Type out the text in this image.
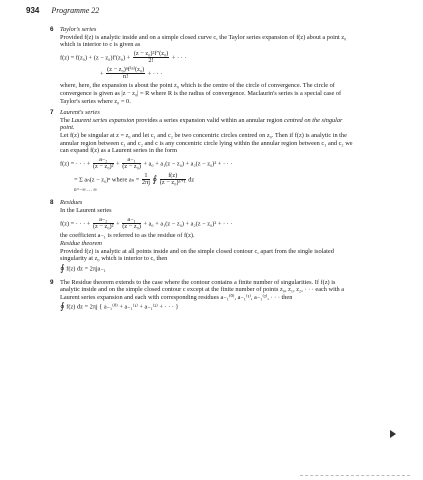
934 Programme 22
6 Taylor's series

Provided f(z) is analytic inside and on a simple closed curve c, the Taylor series expansion of f(z) about a point z₀ which is interior to c is given as

$f(z) = f(z_0) + (z - z_0)f'(z_0) + \frac{\text{(z − z₀)²f″(z₀)}}{2!}$ + · · ·
+ $\frac{\text{(z − z₀)ⁿf⁽ⁿ⁾(z₀)}}{n!}$ + · · ·

where, here, the expansion is about the point z₀ which is the centre of the circle of convergence. The circle of convergence is given as |z − z₀| = R where R is the radius of convergence. Maclaurin's series is a special case of Taylor's series where z₀ = 0.

7 Laurent's series

The Laurent series expansion provides a series expansion valid within an annular region centred on the singular point.

Let f(z) be singular at z = z₀ and let c₁ and c₂ be two concentric circles centred on z₀. Then if f(z) is analytic in the annular region between c₁ and c₂ and c is any concentric circle lying within the annular region between c₁ and c₂ we can expand f(z) as a Laurent series in the form

f(z) = · · · + $\frac{\text{a₋₂}}{\text{(z − z₀)²}} + \frac{\text{a₋₁}}{\text{(z − z₀)}} + a_0 + a_1(z - z_0) + a_2(z - z_0)^2$ + · · ·
= Σ aₙ(z − z₀)ⁿ where $a_n = \frac{1}{2\pi j}$ ∮ $\frac{f(z)}{\text{(z − z₀)ⁿ⁺¹}}$ dz
n=−∞ … ∞
8 Residues

In the Laurent series

f(z) = · · · + $\frac{\text{a₋₂}}{\text{(z − z₀)²}} + \frac{\text{a₋₁}}{\text{(z − z₀)}} + a_0 + a_1(z - z_0) + a_2(z - z_0)^2$ + · · ·

the coefficient a₋₁ is referred to as the residue of f(z).

Residue theorem

Provided f(z) is analytic at all points inside and on the simple closed contour c, apart from the single isolated singularity at z₀ which is interior to c, then

∮ f(z) dz = 2πja₋₁
9 The Residue theorem extends to the case where the contour contains a finite number of singularities. If f(z) is analytic inside and on the simple closed contour c except at the finite number of points z₀, z₁, z₂, · · · each with a Laurent series expansion and each with corresponding residues a₋₁⁽⁰⁾, a₋₁⁽¹⁾, a₋₁⁽²⁾, · · · then

∮ f(z) dz = 2πj { a₋₁⁽⁰⁾ + a₋₁⁽¹⁾ + a₋₁⁽²⁾ + · · · }
